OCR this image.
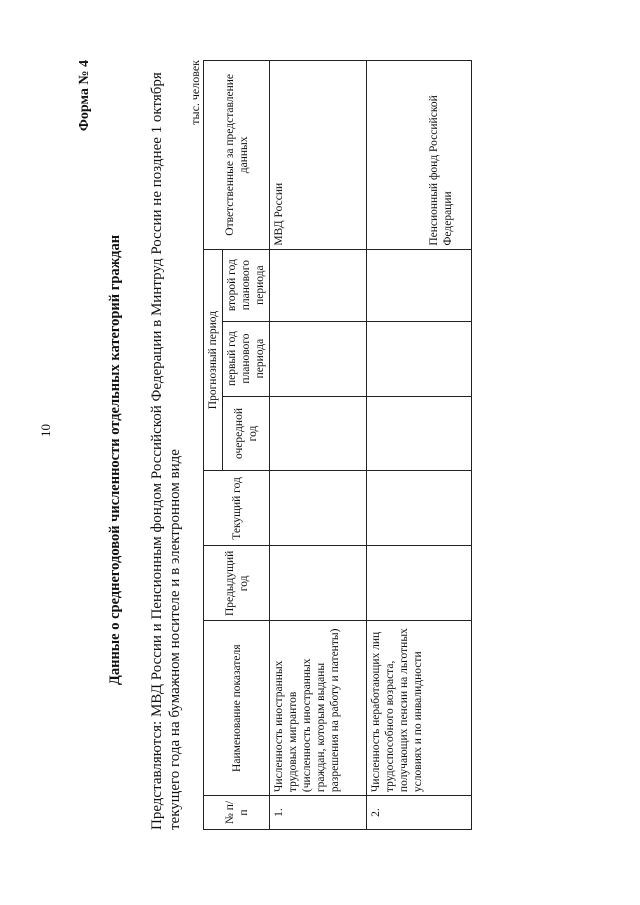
10
Форма № 4
Данные о среднегодовой численности отдельных категорий граждан Представляются: МВД России и Пенсионным фондом Российской Федерации в Минтруд России не позднее 1 октября текущего года на бумажном носителе и в электронном виде
тыс. человек
№ п/п	Наименование показателя	Предыдущий год	Текущий год	Прогнозный период			Ответственные за представление данных
				очередной год	первый год планового периода	второй год планового периода	
1.	Численность иностранных трудовых мигрантов (численность иностранных граждан, которым выданы разрешения на работу и патенты)						МВД России

2.	Численность неработающих лиц трудоспособного возраста, получающих пенсии на льготных условиях и по инвалидности						Пенсионный фонд Российской Федерации
